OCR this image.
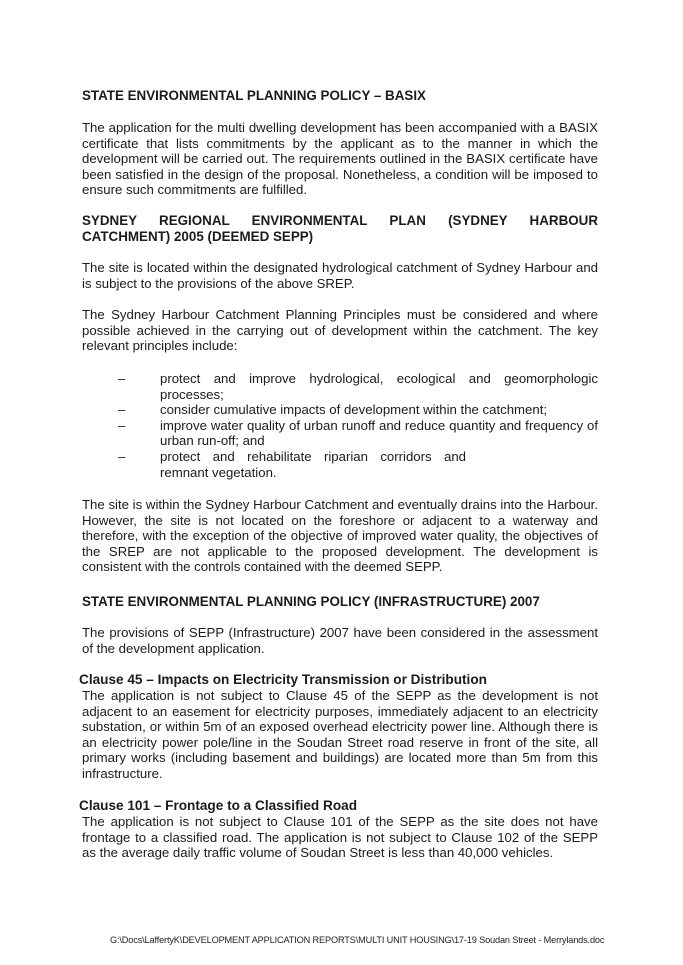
STATE ENVIRONMENTAL PLANNING POLICY – BASIX

The application for the multi dwelling development has been accompanied with a BASIX certificate that lists commitments by the applicant as to the manner in which the development will be carried out. The requirements outlined in the BASIX certificate have been satisfied in the design of the proposal. Nonetheless, a condition will be imposed to ensure such commitments are fulfilled.

SYDNEY REGIONAL ENVIRONMENTAL PLAN (SYDNEY HARBOUR
CATCHMENT) 2005 (DEEMED SEPP)

The site is located within the designated hydrological catchment of Sydney Harbour and is subject to the provisions of the above SREP.

The Sydney Harbour Catchment Planning Principles must be considered and where possible achieved in the carrying out of development within the catchment. The key relevant principles include:

–	protect and improve hydrological, ecological and geomorphologic processes;
–	consider cumulative impacts of development within the catchment;
–	improve water quality of urban runoff and reduce quantity and frequency of urban run-off; and
–	protect and rehabilitate riparian corridors and remnant vegetation.

The site is within the Sydney Harbour Catchment and eventually drains into the Harbour. However, the site is not located on the foreshore or adjacent to a waterway and therefore, with the exception of the objective of improved water quality, the objectives of the SREP are not applicable to the proposed development. The development is consistent with the controls contained with the deemed SEPP.

STATE ENVIRONMENTAL PLANNING POLICY (INFRASTRUCTURE) 2007

The provisions of SEPP (Infrastructure) 2007 have been considered in the assessment of the development application.

Clause 45 – Impacts on Electricity Transmission or Distribution

The application is not subject to Clause 45 of the SEPP as the development is not adjacent to an easement for electricity purposes, immediately adjacent to an electricity substation, or within 5m of an exposed overhead electricity power line. Although there is an electricity power pole/line in the Soudan Street road reserve in front of the site, all primary works (including basement and buildings) are located more than 5m from this infrastructure.

Clause 101 – Frontage to a Classified Road

The application is not subject to Clause 101 of the SEPP as the site does not have frontage to a classified road. The application is not subject to Clause 102 of the SEPP as the average daily traffic volume of Soudan Street is less than 40,000 vehicles.

G:\Docs\LaffertyK\DEVELOPMENT APPLICATION REPORTS\MULTI UNIT HOUSING\17-19 Soudan Street - Merrylands.doc
